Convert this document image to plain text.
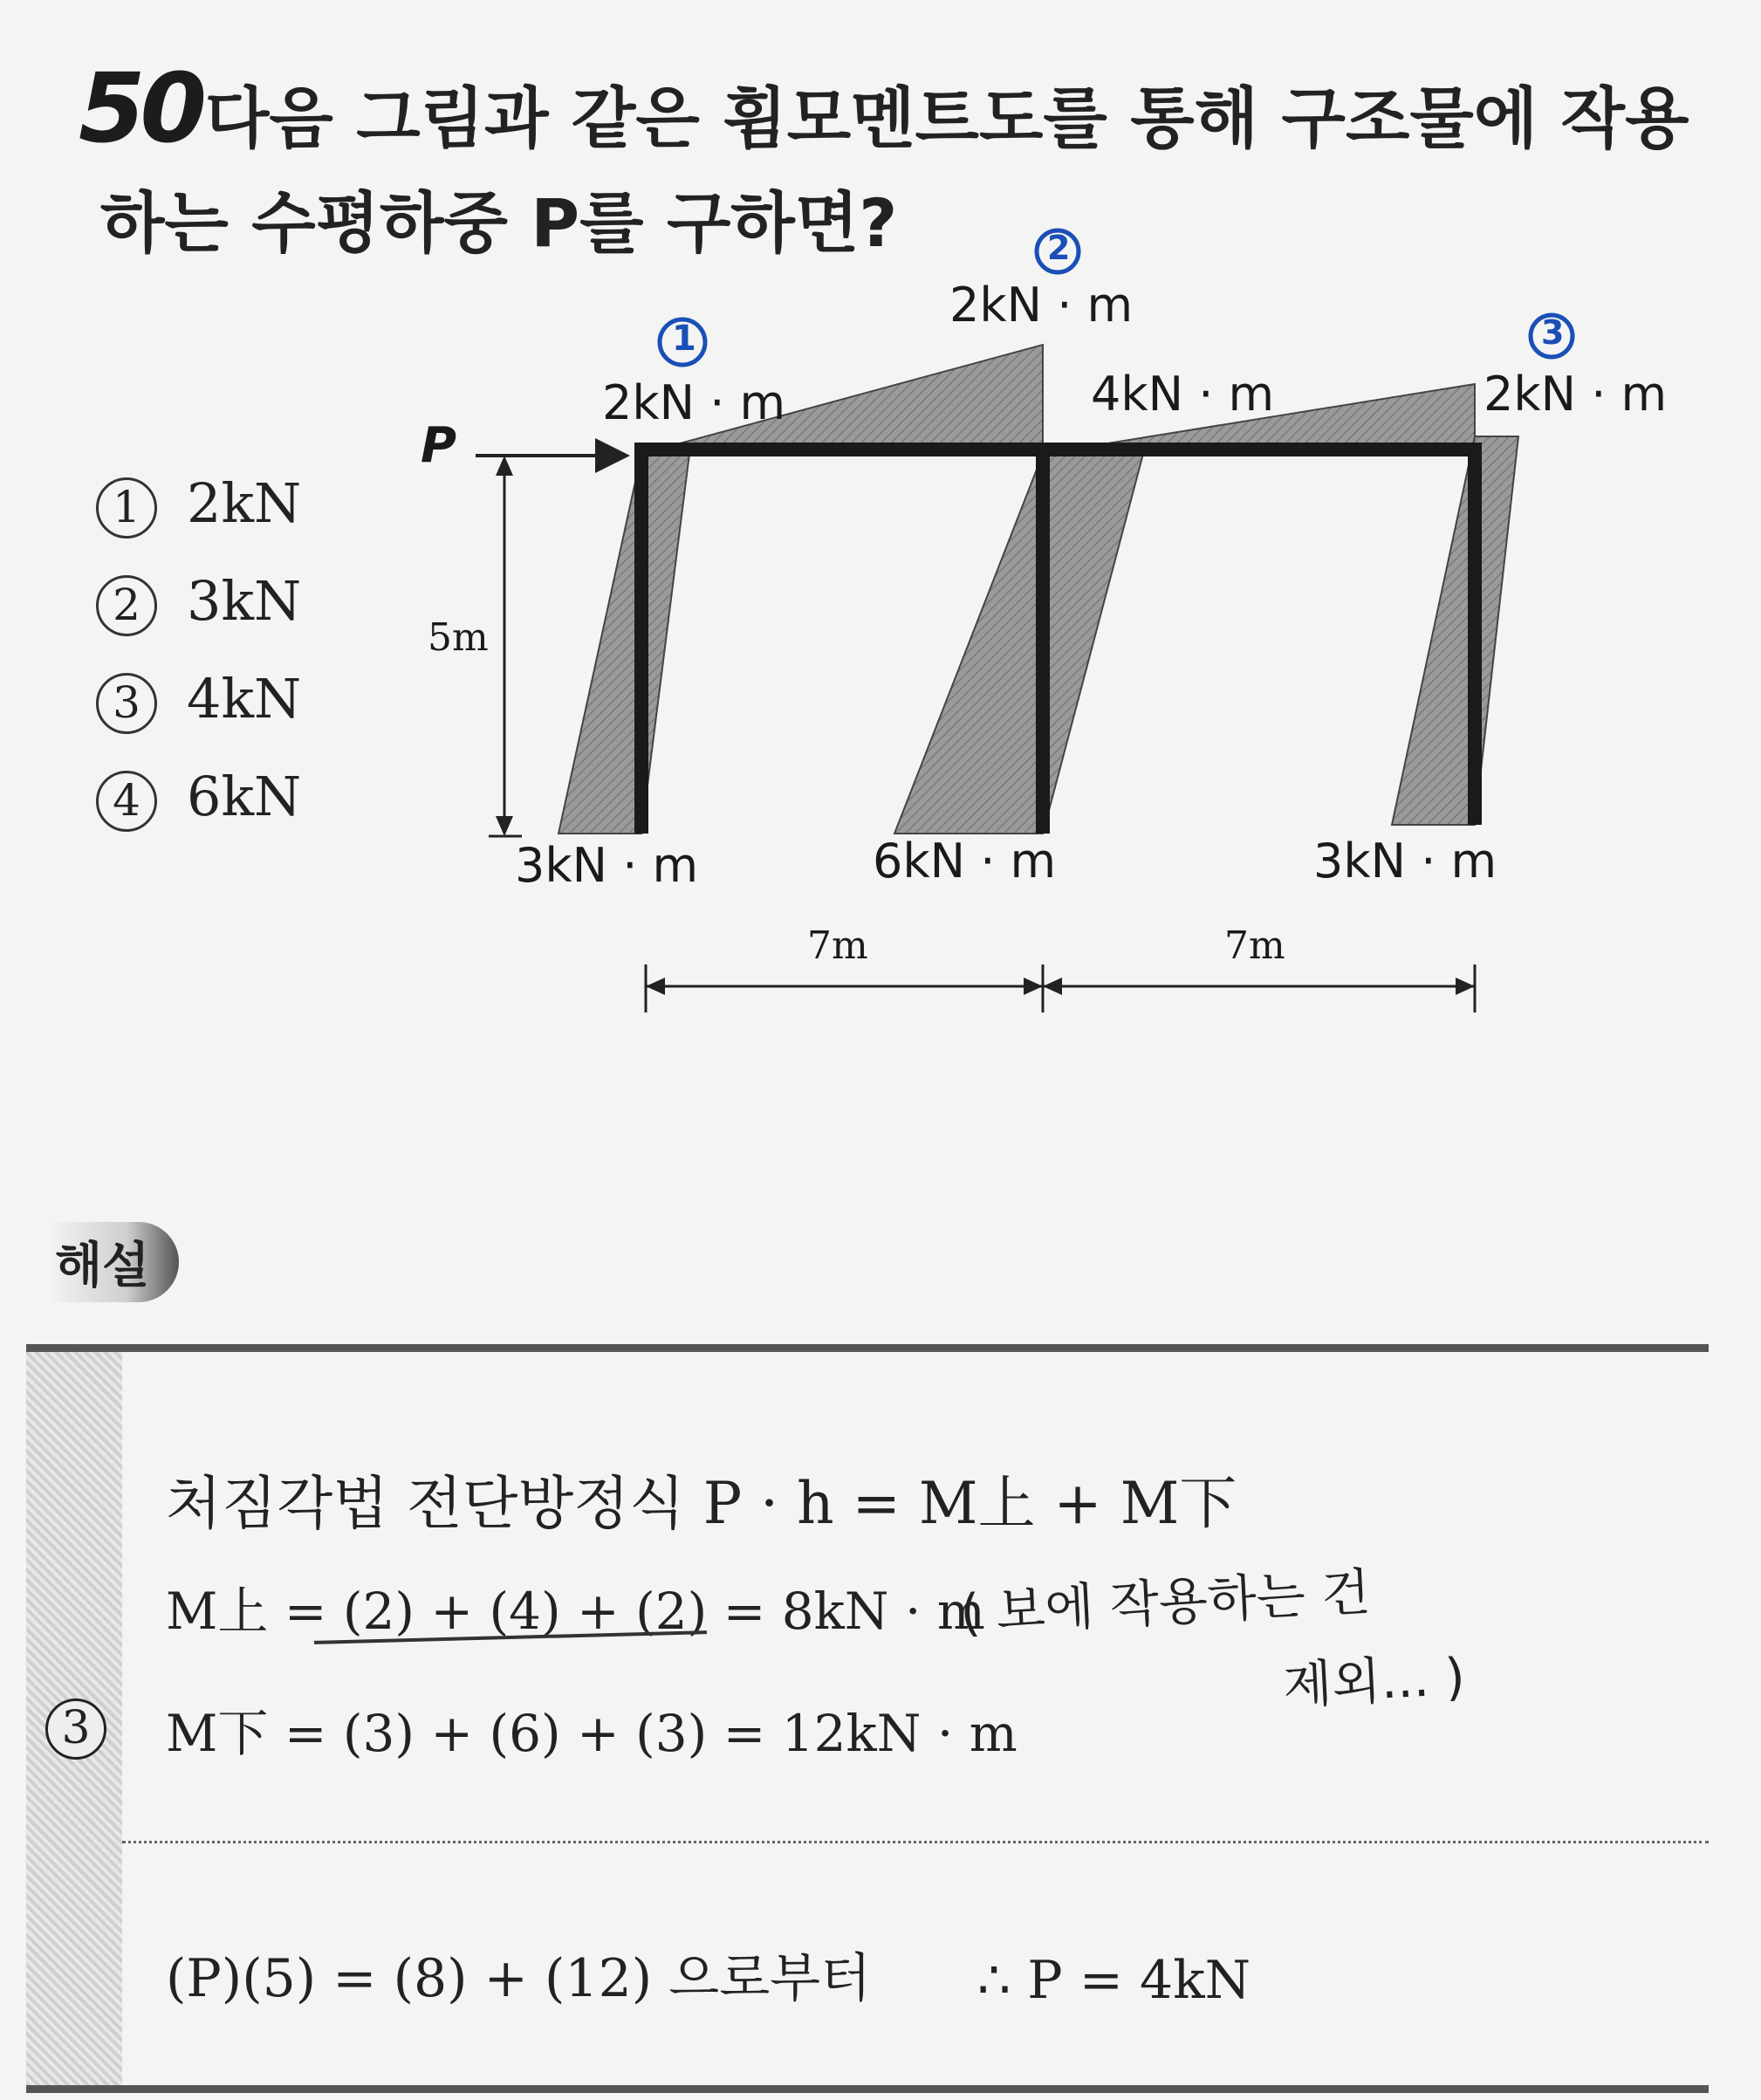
50 다음 그림과 같은 휨모멘트도를 통해 구조물에 작용
하는 수평하중 P를 구하면?
1 2kN
2 3kN
3 4kN
4 6kN
1
2
3
P
5m
2kN · m
2kN · m
4kN · m	2kN · m
3kN · m	6kN · m	3kN · m
7m	7m
해설
3
처짐각법 전단방정식 P · h = M上 + M下
M上 = (2) + (4) + (2) = 8kN · m
M下 = (3) + (6) + (3) = 12kN · m
(P)(5) = (8) + (12) 으로부터 ∴ P = 4kN
( 보에 작용하는 건
제외... )
